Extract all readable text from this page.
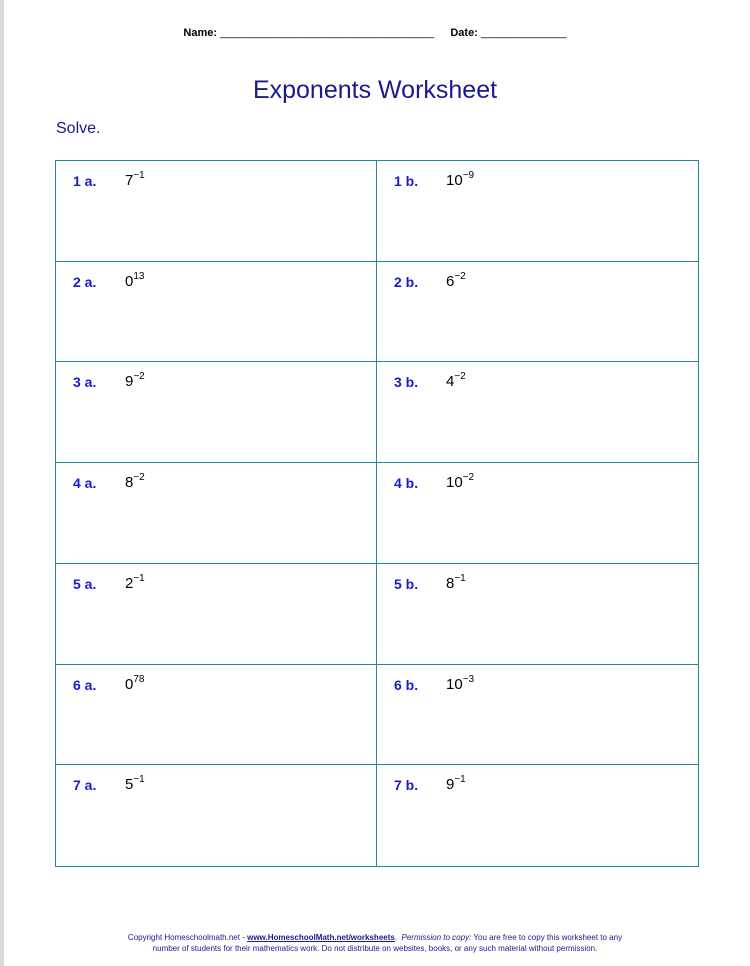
Name: ___________________________________ Date: ______________
Exponents Worksheet
Solve.
1 a. $7^{-1}$	1 b. $10^{-9}$
2 a. $0^{13}$	2 b. $6^{-2}$
3 a. $9^{-2}$	3 b. $4^{-2}$
4 a. $8^{-2}$	4 b. $10^{-2}$
5 a. $2^{-1}$	5 b. $8^{-1}$
6 a. $0^{78}$	6 b. $10^{-3}$
7 a. $5^{-1}$	7 b. $9^{-1}$
Copyright Homeschoolmath.net - www.HomeschoolMath.net/worksheets.  Permission to copy: You are free to copy this worksheet to any
number of students for their mathematics work. Do not distribute on websites, books, or any such material without permission.
